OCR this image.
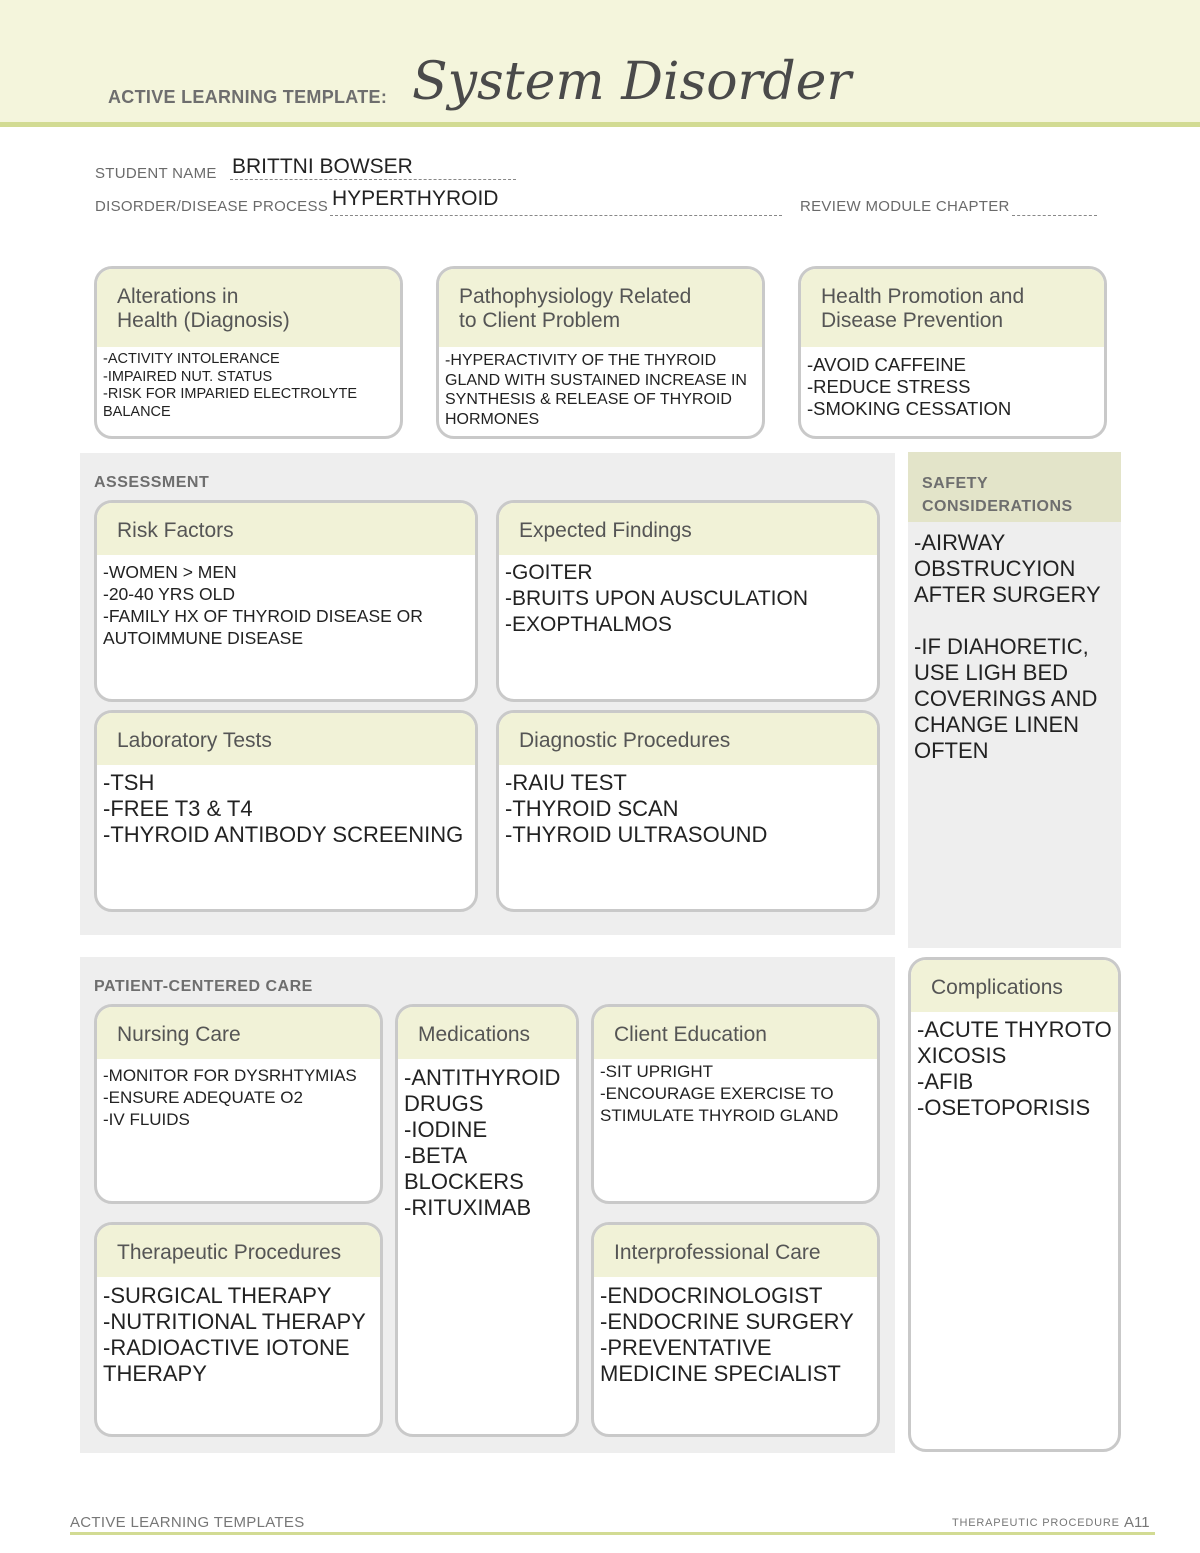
ACTIVE LEARNING TEMPLATE: System Disorder
STUDENT NAME BRITTNI BOWSER
DISORDER/DISEASE PROCESS HYPERTHYROID	REVIEW MODULE CHAPTER
Alterations in
Health (Diagnosis)
-ACTIVITY INTOLERANCE
-IMPAIRED NUT. STATUS
-RISK FOR IMPARIED ELECTROLYTE BALANCE
Pathophysiology Related
to Client Problem
-HYPERACTIVITY OF THE THYROID GLAND WITH SUSTAINED INCREASE IN SYNTHESIS & RELEASE OF THYROID HORMONES
Health Promotion and
Disease Prevention
-AVOID CAFFEINE
-REDUCE STRESS
-SMOKING CESSATION
ASSESSMENT
Risk Factors
-WOMEN > MEN
-20-40 YRS OLD
-FAMILY HX OF THYROID DISEASE OR AUTOIMMUNE DISEASE
Expected Findings
-GOITER
-BRUITS UPON AUSCULATION
-EXOPTHALMOS
Laboratory Tests
-TSH
-FREE T3 & T4
-THYROID ANTIBODY SCREENING
Diagnostic Procedures
-RAIU TEST
-THYROID SCAN
-THYROID ULTRASOUND
SAFETY
CONSIDERATIONS
-AIRWAY OBSTRUCYION AFTER SURGERY

-IF DIAHORETIC, USE LIGH BED COVERINGS AND CHANGE LINEN OFTEN
PATIENT-CENTERED CARE
Nursing Care
-MONITOR FOR DYSRHTYMIAS
-ENSURE ADEQUATE O2
-IV FLUIDS
Medications
-ANTITHYROID DRUGS
-IODINE
-BETA BLOCKERS
-RITUXIMAB
Client Education
-SIT UPRIGHT
-ENCOURAGE EXERCISE TO STIMULATE THYROID GLAND
Therapeutic Procedures
-SURGICAL THERAPY
-NUTRITIONAL THERAPY
-RADIOACTIVE IOTONE THERAPY
Interprofessional Care
-ENDOCRINOLOGIST
-ENDOCRINE SURGERY
-PREVENTATIVE MEDICINE SPECIALIST
Complications
-ACUTE THYROTOXICOSIS
-AFIB
-OSETOPORISIS
ACTIVE LEARNING TEMPLATES	THERAPEUTIC PROCEDURE A11
